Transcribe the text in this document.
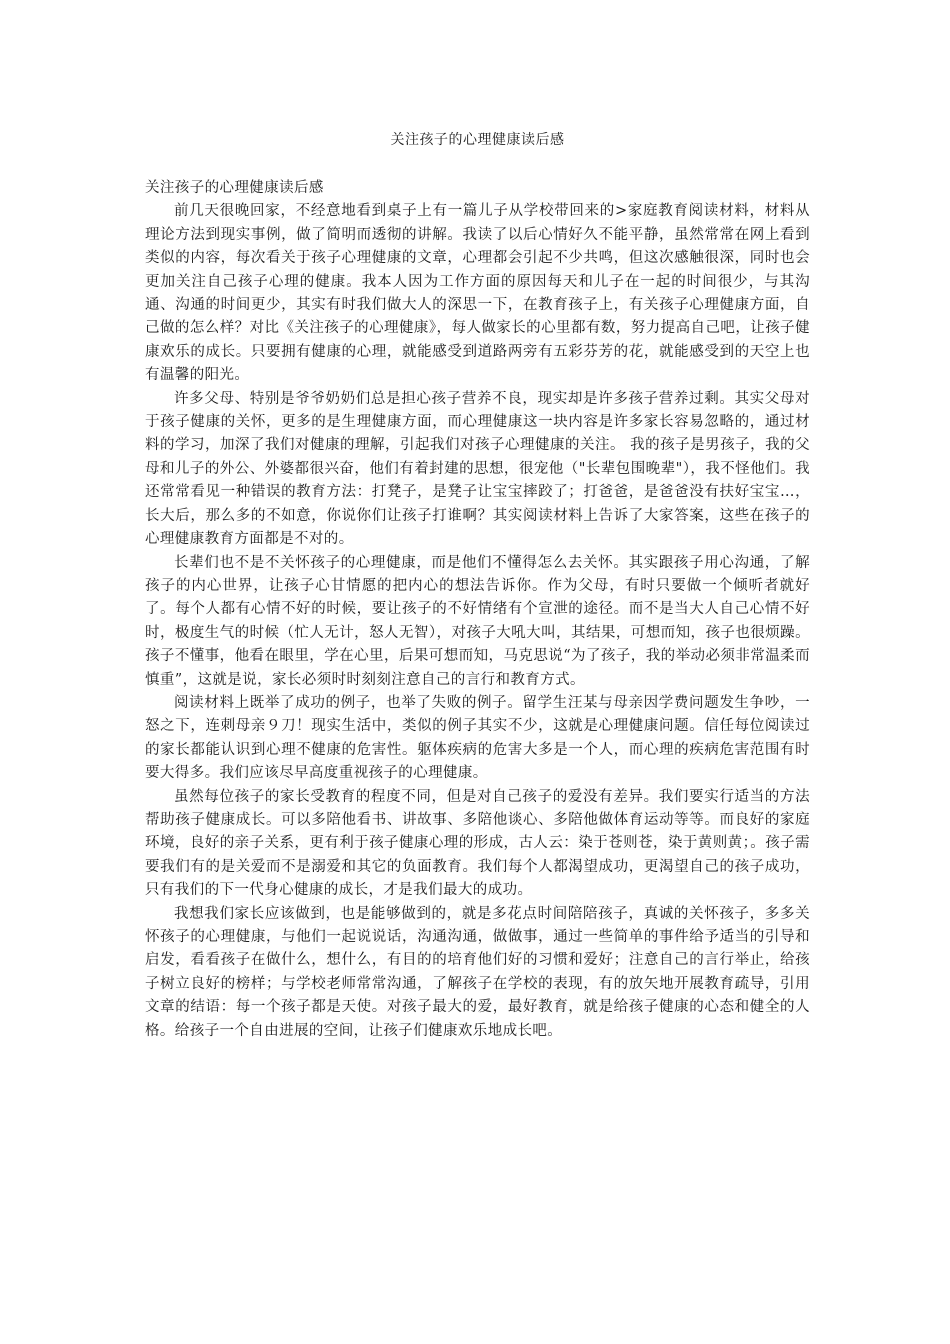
关注孩子的心理健康读后感

关注孩子的心理健康读后感

前几天很晚回家，不经意地看到桌子上有一篇儿子从学校带回来的>家庭教育阅读材料，材料从理论方法到现实事例，做了简明而透彻的讲解。我读了以后心情好久不能平静，虽然常常在网上看到类似的内容，每次看关于孩子心理健康的文章，心理都会引起不少共鸣，但这次感触很深，同时也会更加关注自己孩子心理的健康。我本人因为工作方面的原因每天和儿子在一起的时间很少，与其沟通、沟通的时间更少，其实有时我们做大人的深思一下，在教育孩子上，有关孩子心理健康方面，自己做的怎么样？对比《关注孩子的心理健康》，每人做家长的心里都有数，努力提高自己吧，让孩子健康欢乐的成长。只要拥有健康的心理，就能感受到道路两旁有五彩芬芳的花，就能感受到的天空上也有温馨的阳光。

许多父母、特别是爷爷奶奶们总是担心孩子营养不良，现实却是许多孩子营养过剩。其实父母对于孩子健康的关怀，更多的是生理健康方面，而心理健康这一块内容是许多家长容易忽略的，通过材料的学习，加深了我们对健康的理解，引起我们对孩子心理健康的关注。 我的孩子是男孩子，我的父母和儿子的外公、外婆都很兴奋，他们有着封建的思想，很宠他（"长辈包围晚辈"），我不怪他们。我还常常看见一种错误的教育方法：打凳子，是凳子让宝宝摔跤了；打爸爸，是爸爸没有扶好宝宝…，长大后，那么多的不如意，你说你们让孩子打谁啊？其实阅读材料上告诉了大家答案，这些在孩子的心理健康教育方面都是不对的。

长辈们也不是不关怀孩子的心理健康，而是他们不懂得怎么去关怀。其实跟孩子用心沟通，了解孩子的内心世界，让孩子心甘情愿的把内心的想法告诉你。作为父母，有时只要做一个倾听者就好了。每个人都有心情不好的时候，要让孩子的不好情绪有个宣泄的途径。而不是当大人自己心情不好时，极度生气的时候（忙人无计，怒人无智），对孩子大吼大叫，其结果，可想而知，孩子也很烦躁。孩子不懂事，他看在眼里，学在心里，后果可想而知，马克思说“为了孩子，我的举动必须非常温柔而慎重”，这就是说，家长必须时时刻刻注意自己的言行和教育方式。

阅读材料上既举了成功的例子，也举了失败的例子。留学生汪某与母亲因学费问题发生争吵，一怒之下，连刺母亲９刀！现实生活中，类似的例子其实不少，这就是心理健康问题。信任每位阅读过的家长都能认识到心理不健康的危害性。躯体疾病的危害大多是一个人，而心理的疾病危害范围有时要大得多。我们应该尽早高度重视孩子的心理健康。

虽然每位孩子的家长受教育的程度不同，但是对自己孩子的爱没有差异。我们要实行适当的方法帮助孩子健康成长。可以多陪他看书、讲故事、多陪他谈心、多陪他做体育运动等等。而良好的家庭环境，良好的亲子关系，更有利于孩子健康心理的形成，古人云：染于苍则苍，染于黄则黄；。孩子需要我们有的是关爱而不是溺爱和其它的负面教育。我们每个人都渴望成功，更渴望自己的孩子成功，只有我们的下一代身心健康的成长，才是我们最大的成功。

我想我们家长应该做到，也是能够做到的，就是多花点时间陪陪孩子，真诚的关怀孩子，多多关怀孩子的心理健康，与他们一起说说话，沟通沟通，做做事，通过一些简单的事件给予适当的引导和启发，看看孩子在做什么，想什么，有目的的培育他们好的习惯和爱好；注意自己的言行举止，给孩子树立良好的榜样；与学校老师常常沟通，了解孩子在学校的表现，有的放矢地开展教育疏导，引用文章的结语：每一个孩子都是天使。对孩子最大的爱，最好教育，就是给孩子健康的心态和健全的人格。给孩子一个自由进展的空间，让孩子们健康欢乐地成长吧。
